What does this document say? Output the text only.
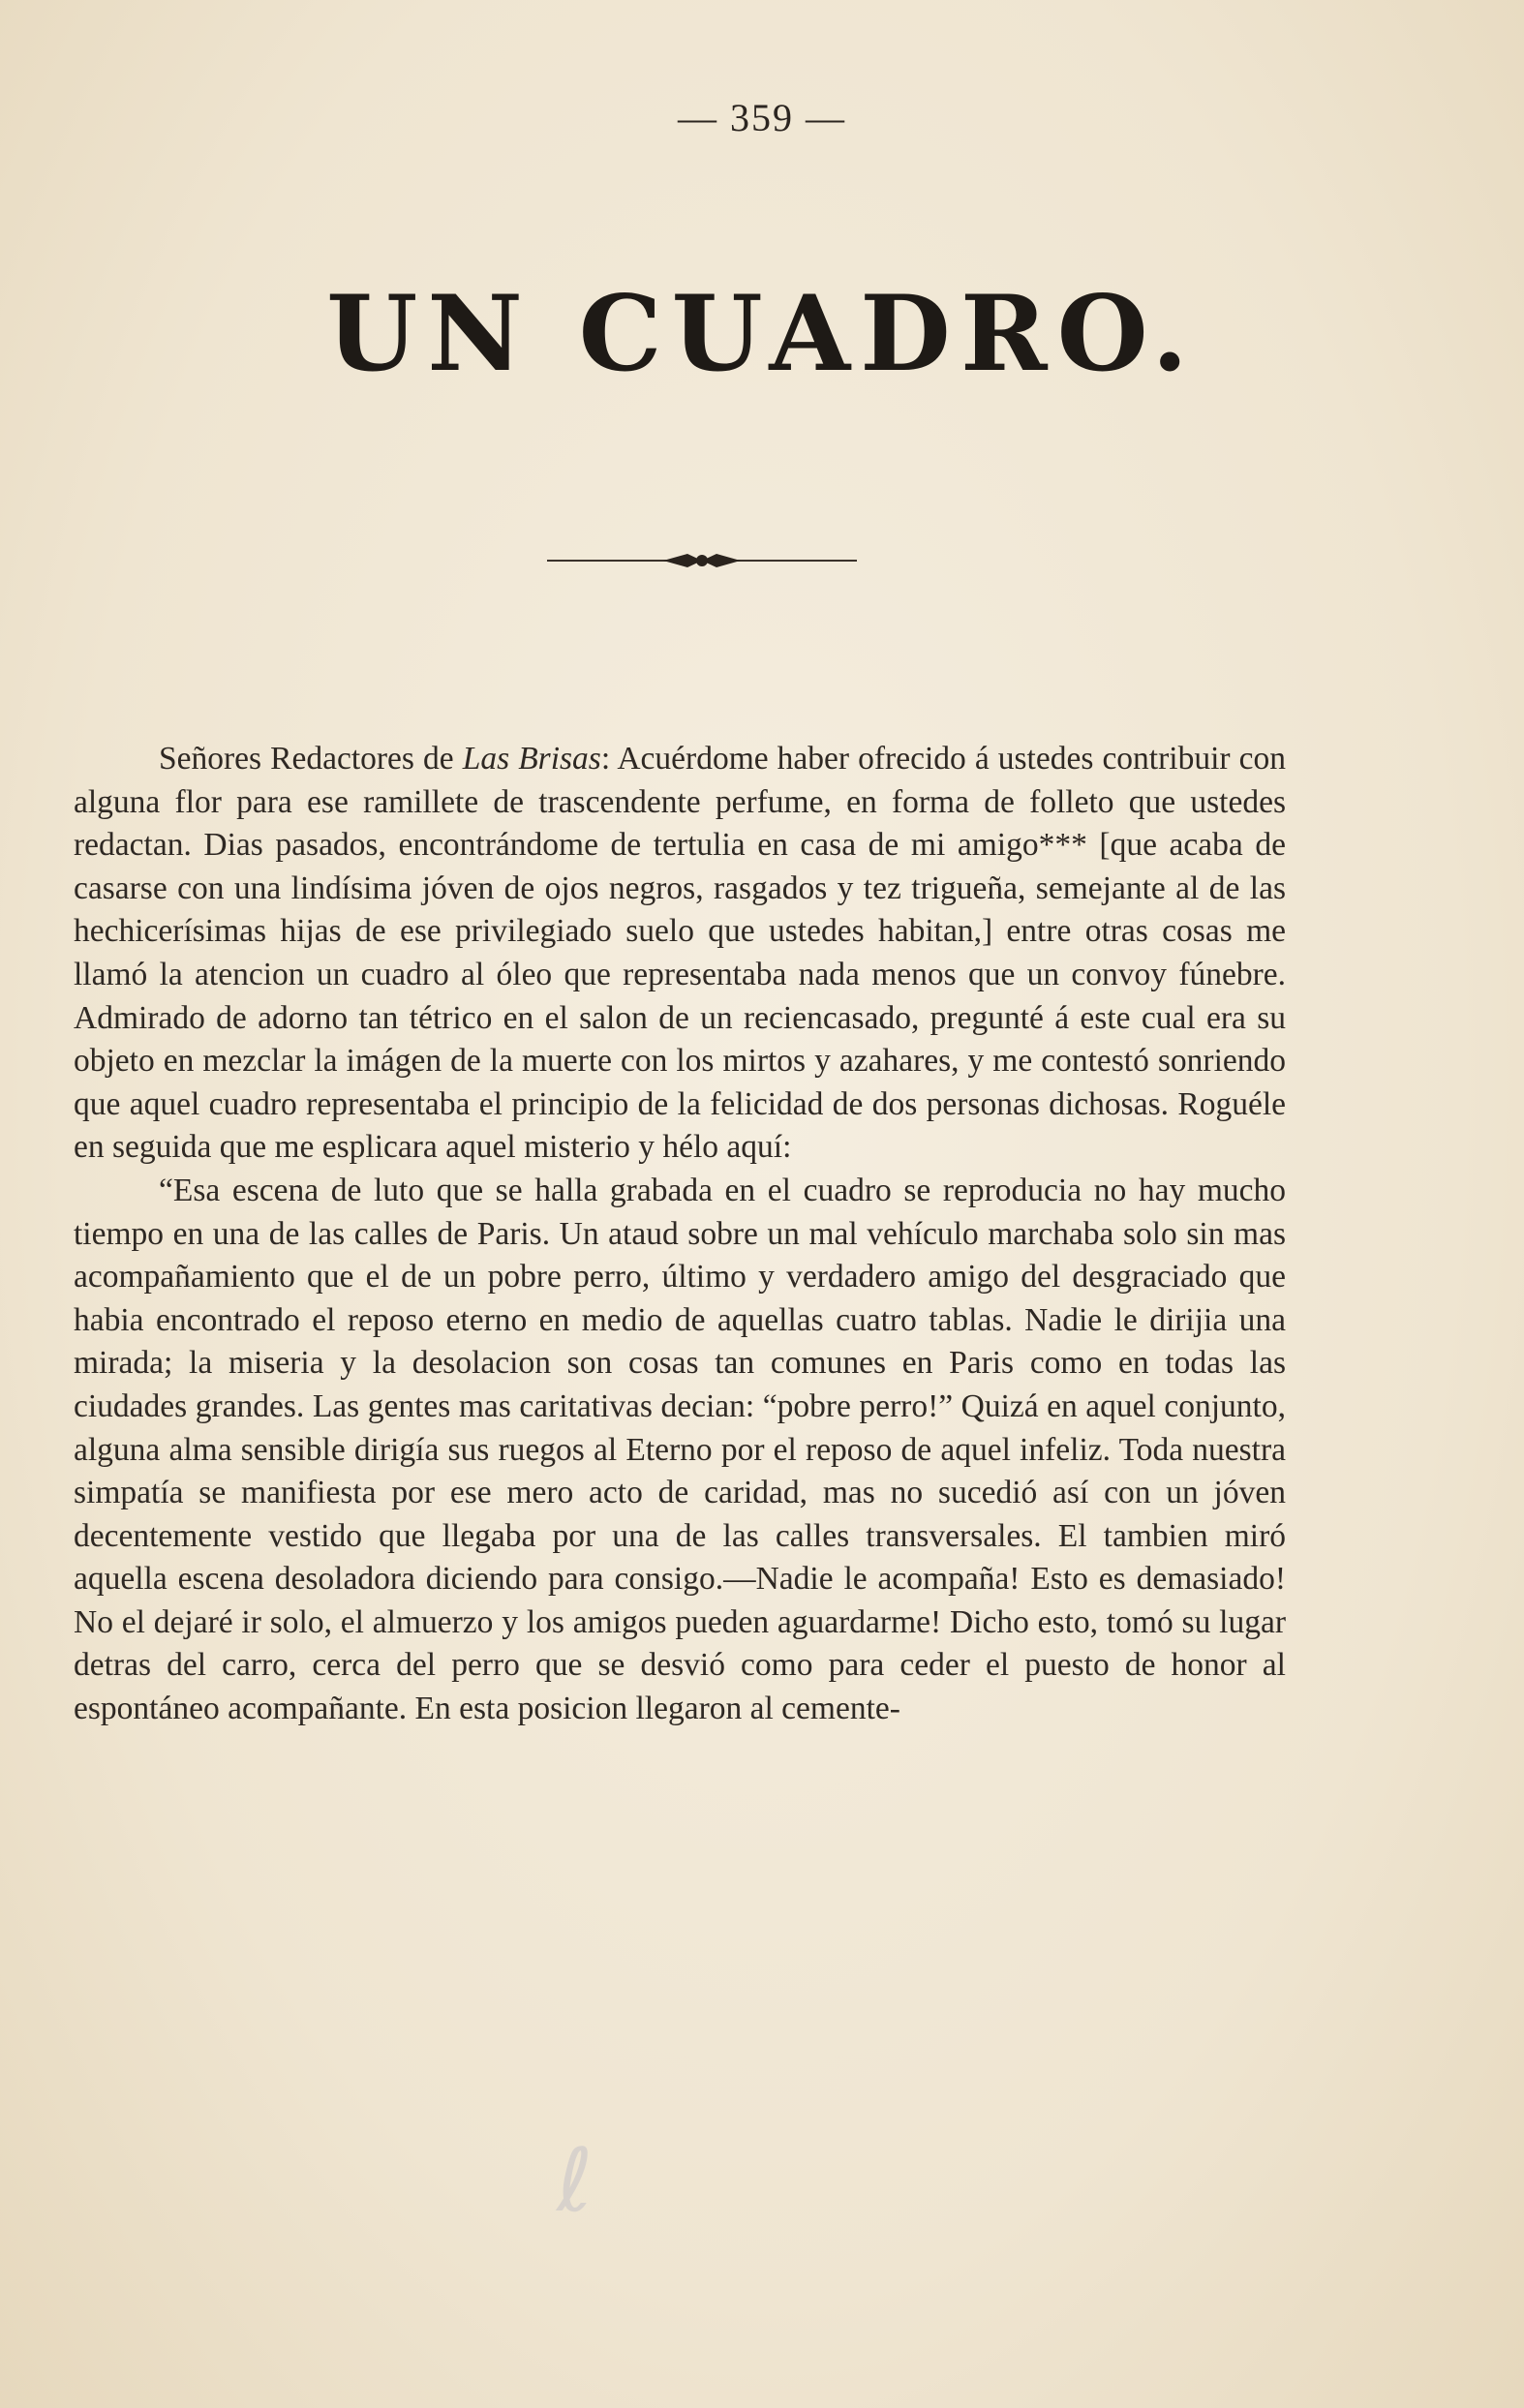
— 359 —
UN CUADRO.

Señores Redactores de Las Brisas: Acuérdome haber ofrecido á ustedes contribuir con alguna flor para ese ramillete de trascendente perfume, en forma de folleto que ustedes redactan. Dias pasados, encontrándome de tertulia en casa de mi amigo*** [que acaba de casarse con una lindísima jóven de ojos negros, rasgados y tez trigueña, semejante al de las hechicerísimas hijas de ese privilegiado suelo que ustedes habitan,] entre otras cosas me llamó la atencion un cuadro al óleo que representaba nada menos que un convoy fúnebre. Admirado de adorno tan tétrico en el salon de un reciencasado, pregunté á este cual era su objeto en mezclar la imágen de la muerte con los mirtos y azahares, y me contestó sonriendo que aquel cuadro representaba el principio de la felicidad de dos personas dichosas. Roguéle en seguida que me esplicara aquel misterio y hélo aquí:

“Esa escena de luto que se halla grabada en el cuadro se reproducia no hay mucho tiempo en una de las calles de Paris. Un ataud sobre un mal vehículo marchaba solo sin mas acompañamiento que el de un pobre perro, último y verdadero amigo del desgraciado que habia encontrado el reposo eterno en medio de aquellas cuatro tablas. Nadie le dirijia una mirada; la miseria y la desolacion son cosas tan comunes en Paris como en todas las ciudades grandes. Las gentes mas caritativas decian: “pobre perro!” Quizá en aquel conjunto, alguna alma sensible dirigía sus ruegos al Eterno por el reposo de aquel infeliz. Toda nuestra simpatía se manifiesta por ese mero acto de caridad, mas no sucedió así con un jóven decentemente vestido que llegaba por una de las calles transversales. El tambien miró aquella escena desoladora diciendo para consigo.—Nadie le acompaña! Esto es demasiado! No el dejaré ir solo, el almuerzo y los amigos pueden aguardarme! Dicho esto, tomó su lugar detras del carro, cerca del perro que se desvió como para ceder el puesto de honor al espontáneo acompañante. En esta posicion llegaron al cemente-

ℓ
